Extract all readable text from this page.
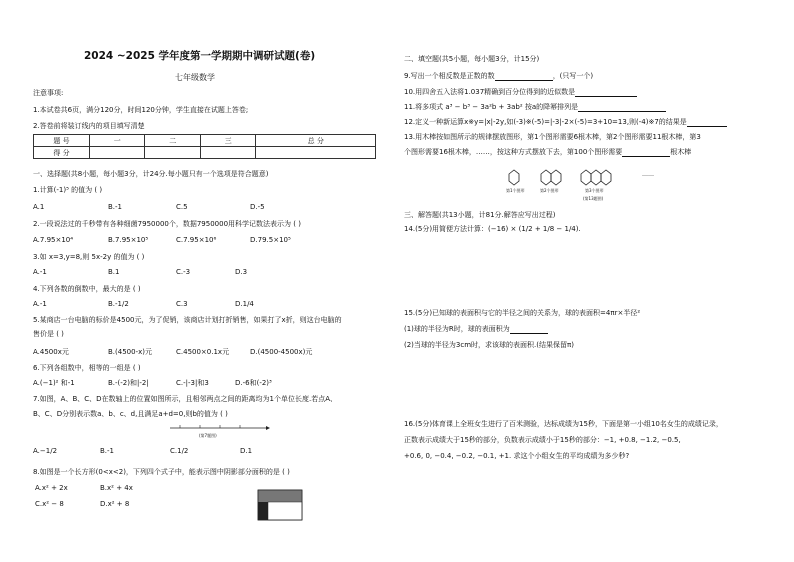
2024 ~2025 学年度第一学期期中调研试题(卷)
七年级数学
注意事项:
1.本试卷共6页，满分120分，时间120分钟，学生直接在试题上答卷;
2.答卷前将装订线内的项目填写清楚
题 号	一	二	三	总 分
得 分				
一、选择题(共8小题，每小题3分，计24分.每小题只有一个选项是符合题意)
1.计算(-1)⁵ 的值为 ( )
A.1	B.-1	C.5	D.-5
2.一段说法过的千秒带有各种细菌7950000个，数据7950000用科学记数法表示为 ( )
A.7.95×10⁴	B.7.95×10⁵	C.7.95×10⁶	D.79.5×10⁵
3.如 x=3,y=8,则 5x-2y 的值为 ( )
A.-1	B.1	C.-3	D.3
4.下列各数的倒数中，最大的是 ( )
A.-1	B.-1/2	C.3	D.1/4
5.某商店一台电脑的标价是4500元，为了促销，该商店计划打折销售，如果打了x折，则这台电脑的
售价是 ( )
A.4500x元	B.(4500-x)元	C.4500×0.1x元	D.(4500-4500x)元
6.下列各组数中，相等的一组是 ( )
A.(−1)² 和-1	B.-(-2)和|-2|	C.-|-3|和3	D.-6和(-2)³
7.如图，A、B、C、D在数轴上的位置如图所示，且相邻两点之间的距离均为1个单位长度.若点A、
B、C、D分别表示数a、b、c、d,且满足a+d=0,则b的值为 ( )
(第7题图)
A.−1/2	B.-1	C.1/2	D.1
8.如图是一个长方形(0<x<2)，下列四个式子中，能表示图中阴影部分面积的是 ( )
A.x² + 2x	B.x² + 4x
C.x² − 8	D.x² + 8
二、填空题(共5小题，每小题3分，计15分)
9.写出一个相反数是正数的数	，(只写一个)
10.用四舍五入法将1.037精确到百分位得到的近似数是
11.将多项式 a³ − b³ − 3a²b + 3ab² 按a的降幂排列是
12.定义一种新运算x※y=|x|-2y,如(-3)※(-5)=|-3|-2×(-5)=3+10=13,则(-4)※7的结果是
13.用木棒按如图所示的规律摆放图形，第1个图形需要6根木棒，第2个图形需要11根木棒，第3
个图形需要16根木棒，……，按这种方式摆放下去，第100个图形需要	根木棒
……
第1个图形	第2个图形	第3个图形
(第13题图)
三、解答题(共13小题，计81分.解答应写出过程)
14.(5分)用简便方法计算：(−16) × (1/2 + 1/8 − 1/4).
15.(5分)已知球的表面积与它的半径之间的关系为，球的表面积=4πr×半径²
(1)球的半径为R时，球的表面积为
(2)当球的半径为3cm时，求该球的表面积.(结果保留π)
16.(5分)体育课上全班女生进行了百米测验，达标成绩为15秒，下面是第一小组10名女生的成绩记录，
正数表示成绩大于15秒的部分，负数表示成绩小于15秒的部分：−1, +0.8, −1.2, −0.5,
+0.6, 0, −0.4, −0.2, −0.1, +1. 求这个小组女生的平均成绩为多少秒?
